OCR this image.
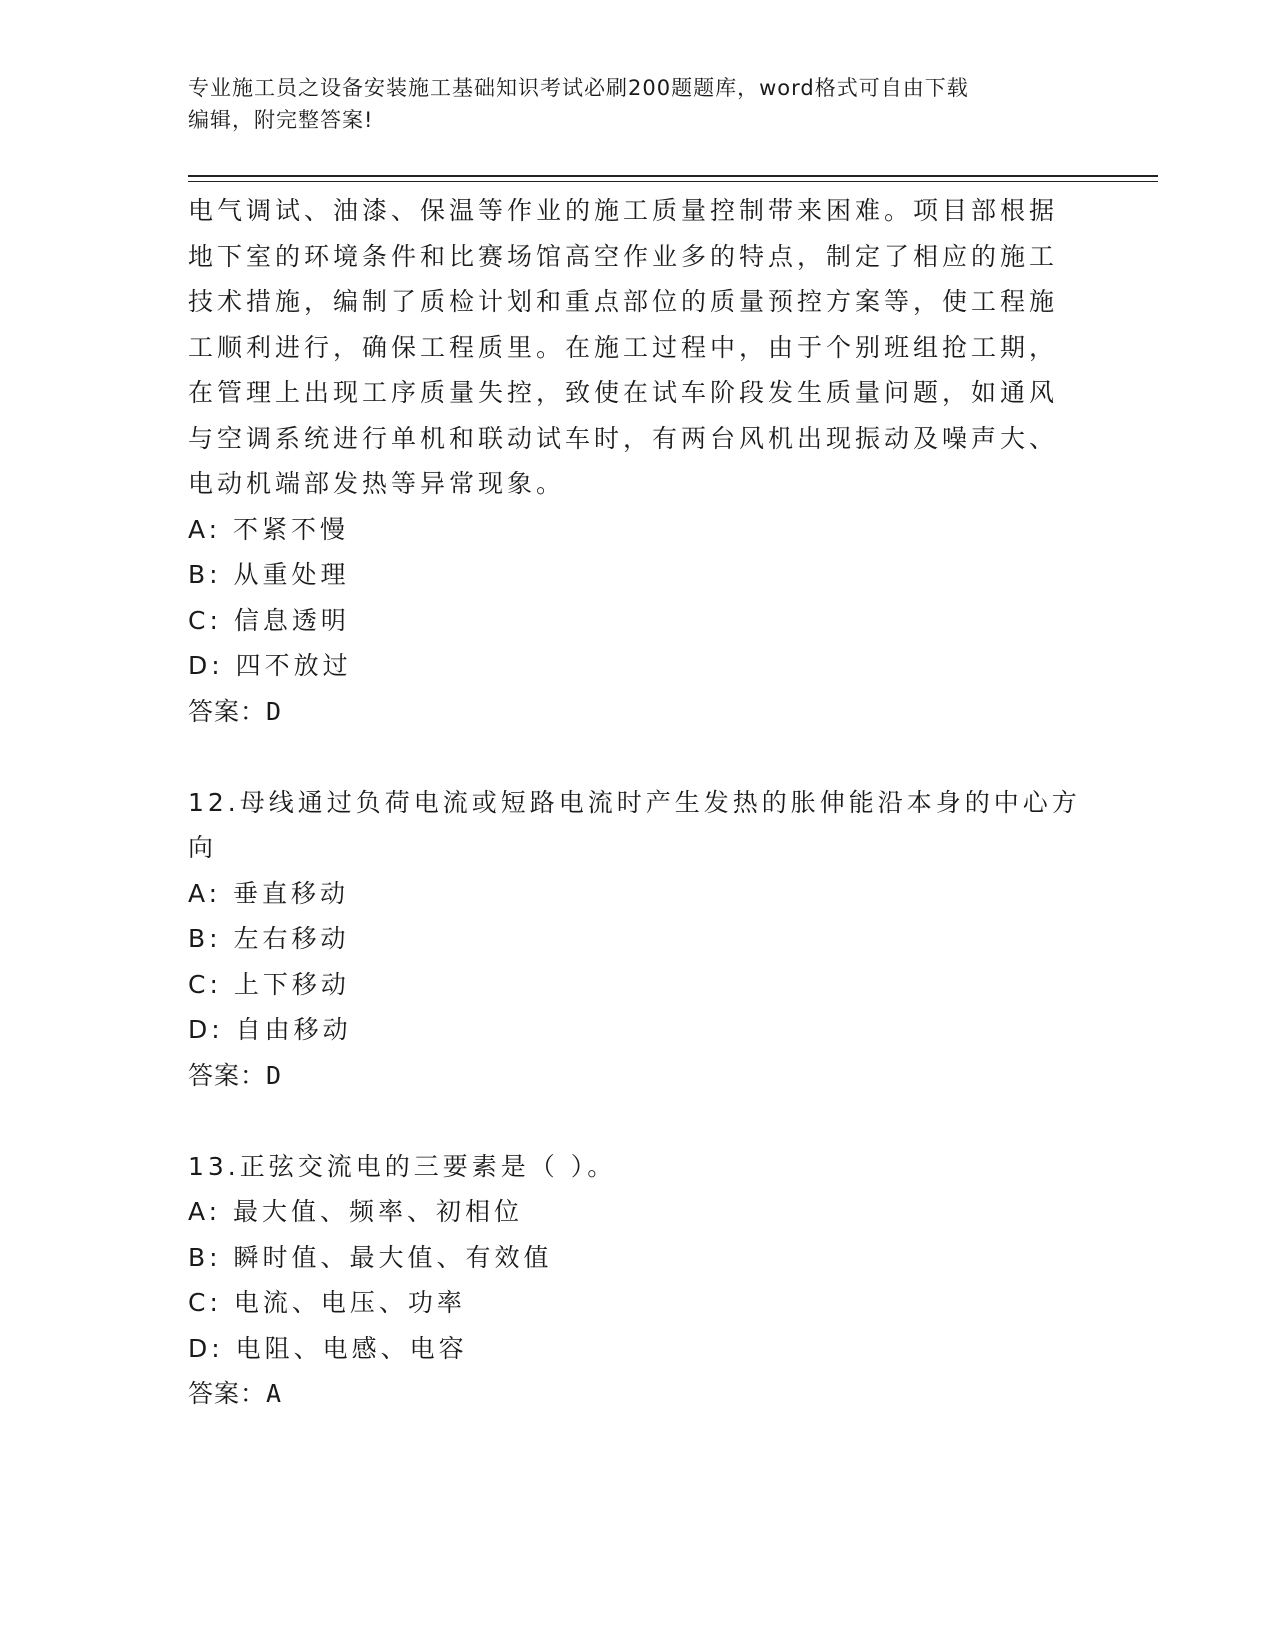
专业施工员之设备安装施工基础知识考试必刷200题题库，word格式可自由下载
编辑，附完整答案!
电气调试、油漆、保温等作业的施工质量控制带来困难。项目部根据
地下室的环境条件和比赛场馆高空作业多的特点，制定了相应的施工
技术措施，编制了质检计划和重点部位的质量预控方案等，使工程施
工顺利进行，确保工程质里。在施工过程中，由于个别班组抢工期，
在管理上出现工序质量失控，致使在试车阶段发生质量问题，如通风
与空调系统进行单机和联动试车时，有两台风机出现振动及噪声大、
电动机端部发热等异常现象。
A: 不紧不慢
B: 从重处理
C: 信息透明
D: 四不放过
答案：D
12.母线通过负荷电流或短路电流时产生发热的胀伸能沿本身的中心方
向
A: 垂直移动
B: 左右移动
C: 上下移动
D: 自由移动
答案：D
13.正弦交流电的三要素是（ ）。
A: 最大值、频率、初相位
B: 瞬时值、最大值、有效值
C: 电流、电压、功率
D: 电阻、电感、电容
答案：A
